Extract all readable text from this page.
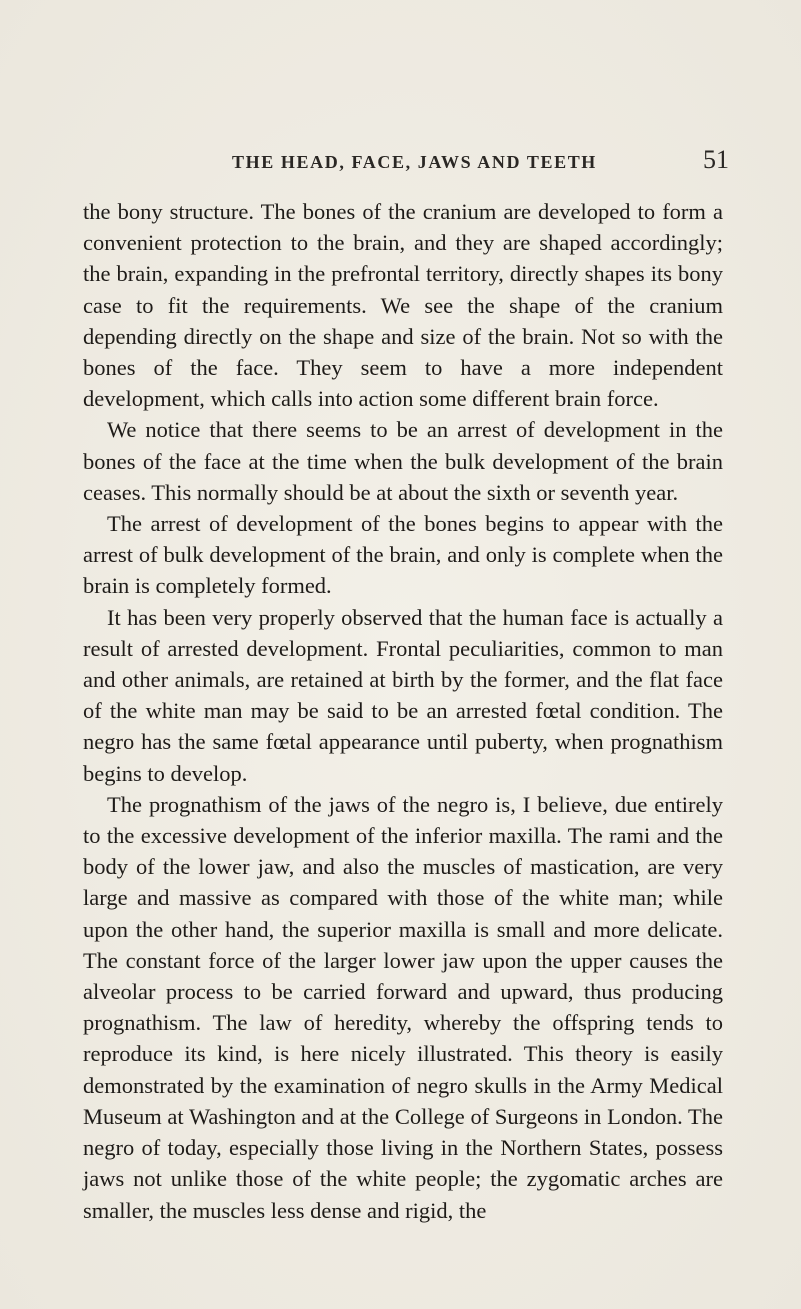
THE HEAD, FACE, JAWS AND TEETH	51

the bony structure. The bones of the cranium are developed to form a convenient protection to the brain, and they are shaped accordingly; the brain, expanding in the prefrontal territory, directly shapes its bony case to fit the requirements. We see the shape of the cranium depending directly on the shape and size of the brain. Not so with the bones of the face. They seem to have a more independent development, which calls into action some different brain force.

We notice that there seems to be an arrest of development in the bones of the face at the time when the bulk development of the brain ceases. This normally should be at about the sixth or seventh year.

The arrest of development of the bones begins to appear with the arrest of bulk development of the brain, and only is complete when the brain is completely formed.

It has been very properly observed that the human face is actually a result of arrested development. Frontal peculiarities, common to man and other animals, are retained at birth by the former, and the flat face of the white man may be said to be an arrested fœtal condition. The negro has the same fœtal appearance until puberty, when prognathism begins to develop.

The prognathism of the jaws of the negro is, I believe, due entirely to the excessive development of the inferior maxilla. The rami and the body of the lower jaw, and also the muscles of mastication, are very large and massive as compared with those of the white man; while upon the other hand, the superior maxilla is small and more delicate. The constant force of the larger lower jaw upon the upper causes the alveolar process to be carried forward and upward, thus producing prognathism. The law of heredity, whereby the offspring tends to reproduce its kind, is here nicely illustrated. This theory is easily demonstrated by the examination of negro skulls in the Army Medical Museum at Washington and at the College of Surgeons in London. The negro of today, especially those living in the Northern States, possess jaws not unlike those of the white people; the zygomatic arches are smaller, the muscles less dense and rigid, the
